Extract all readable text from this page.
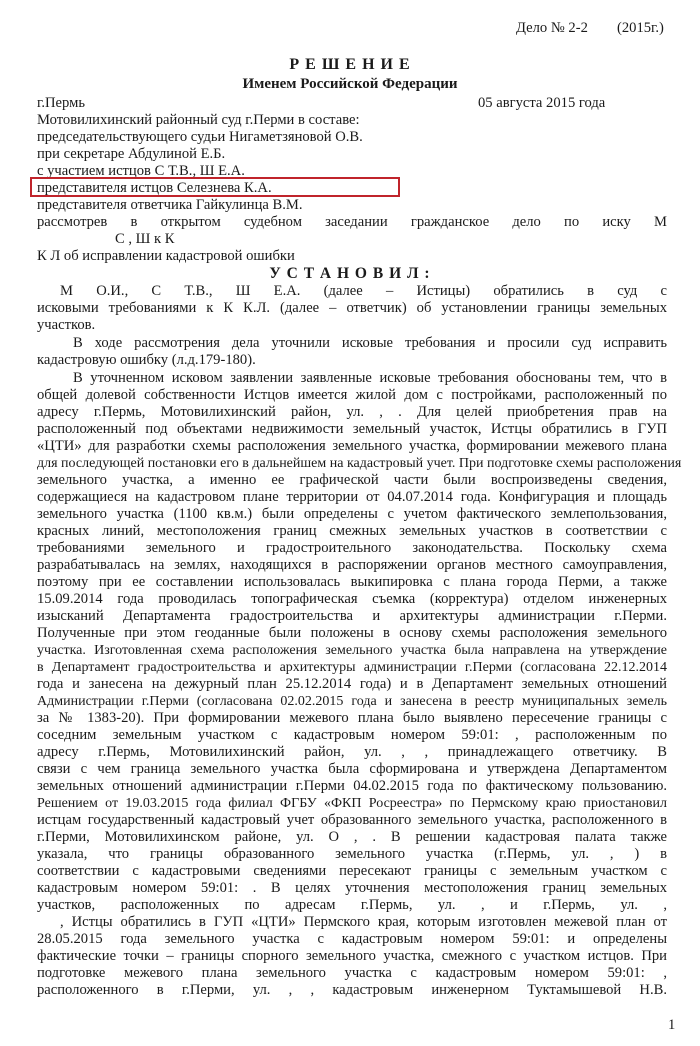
Дело № 2-2 (2015г.)
Р Е Ш Е Н И Е
Именем Российской Федерации
г.Пермь	05 августа 2015 года
Мотовилихинский районный суд г.Перми в составе:
председательствующего судьи Нигаметзяновой О.В.
при секретаре Абдулиной Е.Б.
с участием истцов С Т.В., Ш Е.А.
представителя истцов Селезнева К.А.
представителя ответчика Гайкулинца В.М.
рассмотрев в открытом судебном заседании гражданское дело по иску М
С , Ш к К
К Л об исправлении кадастровой ошибки
У С Т А Н О В И Л :
М О.И., С Т.В., Ш Е.А. (далее – Истицы) обратились в суд с
исковыми требованиями к К К.Л. (далее – ответчик) об установлении границы земельных
участков.
В ходе рассмотрения дела уточнили исковые требования и просили суд исправить
кадастровую ошибку (л.д.179-180).
В уточненном исковом заявлении заявленные исковые требования обоснованы тем, что в
общей долевой собственности Истцов имеется жилой дом с постройками, расположенный по
адресу г.Пермь, Мотовилихинский район, ул. , . Для целей приобретения прав на
расположенный под объектами недвижимости земельный участок, Истцы обратились в ГУП
«ЦТИ» для разработки схемы расположения земельного участка, формировании межевого плана
для последующей постановки его в дальнейшем на кадастровый учет. При подготовке схемы расположения
земельного участка, а именно ее графической части были воспроизведены сведения,
содержащиеся на кадастровом плане территории от 04.07.2014 года. Конфигурация и площадь
земельного участка (1100 кв.м.) были определены с учетом фактического землепользования,
красных линий, местоположения границ смежных земельных участков в соответствии с
требованиями земельного и градостроительного законодательства. Поскольку схема
разрабатывалась на землях, находящихся в распоряжении органов местного самоуправления,
поэтому при ее составлении использовалась выкипировка с плана города Перми, а также
15.09.2014 года проводилась топографическая съемка (корректура) отделом инженерных
изысканий Департамента градостроительства и архитектуры администрации г.Перми.
Полученные при этом геоданные были положены в основу схемы расположения земельного
участка. Изготовленная схема расположения земельного участка была направлена на утверждение
в Департамент градостроительства и архитектуры администрации г.Перми (согласована 22.12.2014
года и занесена на дежурный план 25.12.2014 года) и в Департамент земельных отношений
Администрации г.Перми (согласована 02.02.2015 года и занесена в реестр муниципальных земель
за № 1383-20). При формировании межевого плана было выявлено пересечение границы с
соседним земельным участком с кадастровым номером 59:01: , расположенным по
адресу г.Пермь, Мотовилихинский район, ул. , , принадлежащего ответчику. В
связи с чем граница земельного участка была сформирована и утверждена Департаментом
земельных отношений администрации г.Перми 04.02.2015 года по фактическому пользованию.
Решением от 19.03.2015 года филиал ФГБУ «ФКП Росреестра» по Пермскому краю приостановил
истцам государственный кадастровый учет образованного земельного участка, расположенного в
г.Перми, Мотовилихинском районе, ул. О , . В решении кадастровая палата также
указала, что границы образованного земельного участка (г.Пермь, ул. , ) в
соответствии с кадастровыми сведениями пересекают границы с земельным участком с
кадастровым номером 59:01: . В целях уточнения местоположения границ земельных
участков, расположенных по адресам г.Пермь, ул. , и г.Пермь, ул. ,
, Истцы обратились в ГУП «ЦТИ» Пермского края, которым изготовлен межевой план от
28.05.2015 года земельного участка с кадастровым номером 59:01: и определены
фактические точки – границы спорного земельного участка, смежного с участком истцов. При
подготовке межевого плана земельного участка с кадастровым номером 59:01: ,
расположенного в г.Перми, ул. , , кадастровым инженерном Туктамышевой Н.В.
1
